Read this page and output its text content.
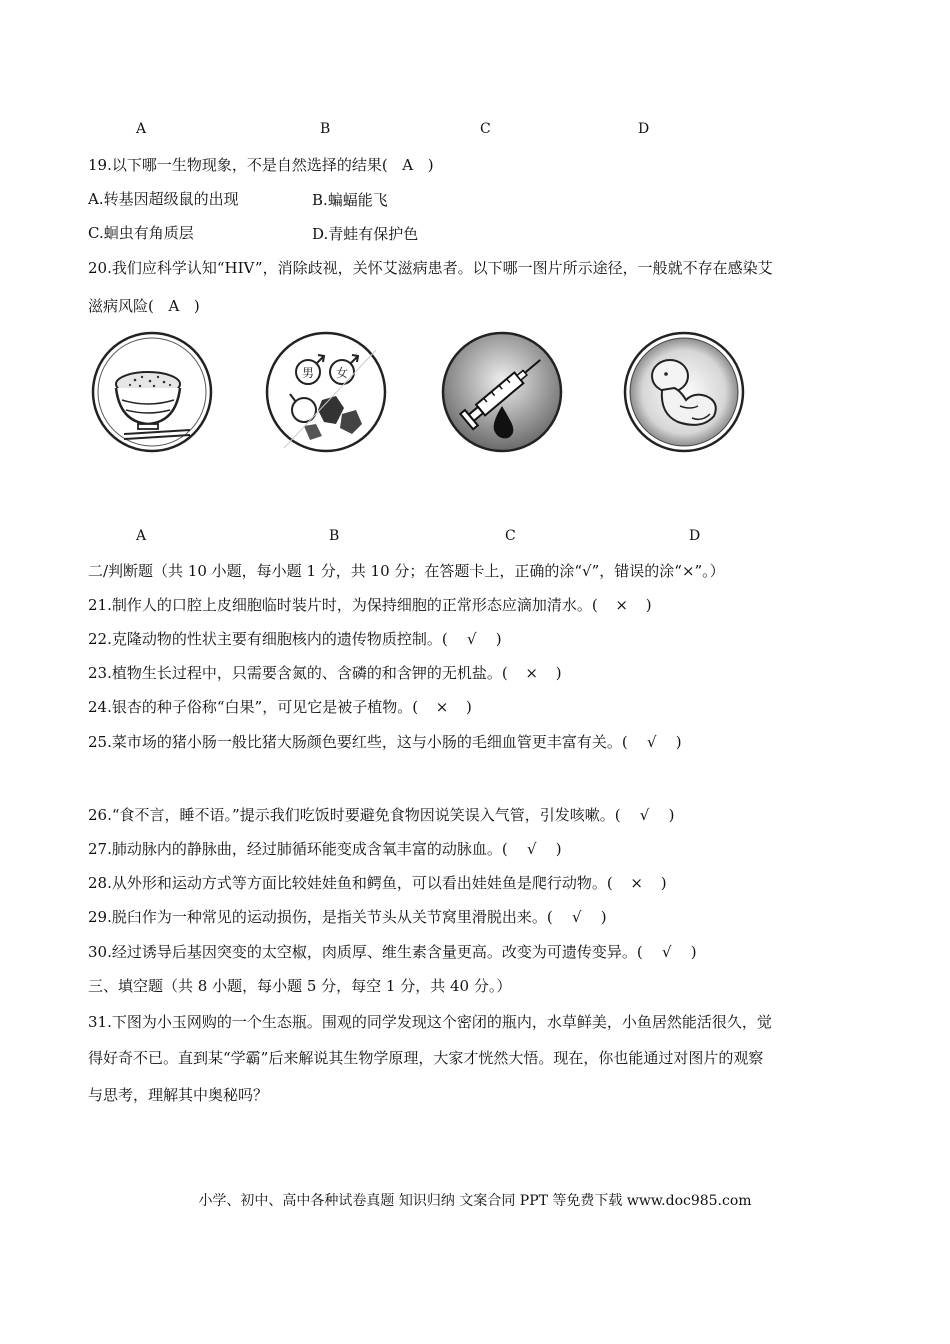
A	B	C	D
19.以下哪一生物现象，不是自然选择的结果( A )
A.转基因超级鼠的出现	B.蝙蝠能飞
C.蛔虫有角质层	D.青蛙有保护色
20.我们应科学认知“HIV”，消除歧视，关怀艾滋病患者。以下哪一图片所示途径，一般就不存在感染艾
滋病风险( A )
男 女
A	B	C	D
二/判断题（共 10 小题，每小题 1 分，共 10 分；在答题卡上，正确的涂“√”，错误的涂“×”。）
21.制作人的口腔上皮细胞临时装片时，为保持细胞的正常形态应滴加清水。( × )
22.克隆动物的性状主要有细胞核内的遗传物质控制。( √ )
23.植物生长过程中，只需要含氮的、含磷的和含钾的无机盐。( × )
24.银杏的种子俗称“白果”，可见它是被子植物。( × )
25.菜市场的猪小肠一般比猪大肠颜色要红些，这与小肠的毛细血管更丰富有关。( √ )
26.“食不言，睡不语。”提示我们吃饭时要避免食物因说笑误入气管，引发咳嗽。( √ )
27.肺动脉内的静脉曲，经过肺循环能变成含氧丰富的动脉血。( √ )
28.从外形和运动方式等方面比较娃娃鱼和鳄鱼，可以看出娃娃鱼是爬行动物。( × )
29.脱臼作为一种常见的运动损伤，是指关节头从关节窝里滑脱出来。( √ )
30.经过诱导后基因突变的太空椒，肉质厚、维生素含量更高。改变为可遗传变异。( √ )
三、填空题（共 8 小题，每小题 5 分，每空 1 分，共 40 分。）
31.下图为小玉网购的一个生态瓶。围观的同学发现这个密闭的瓶内，水草鲜美，小鱼居然能活很久，觉
得好奇不已。直到某“学霸”后来解说其生物学原理，大家才恍然大悟。现在，你也能通过对图片的观察
与思考，理解其中奥秘吗？
小学、初中、高中各种试卷真题 知识归纳 文案合同 PPT 等免费下载 www.doc985.com
